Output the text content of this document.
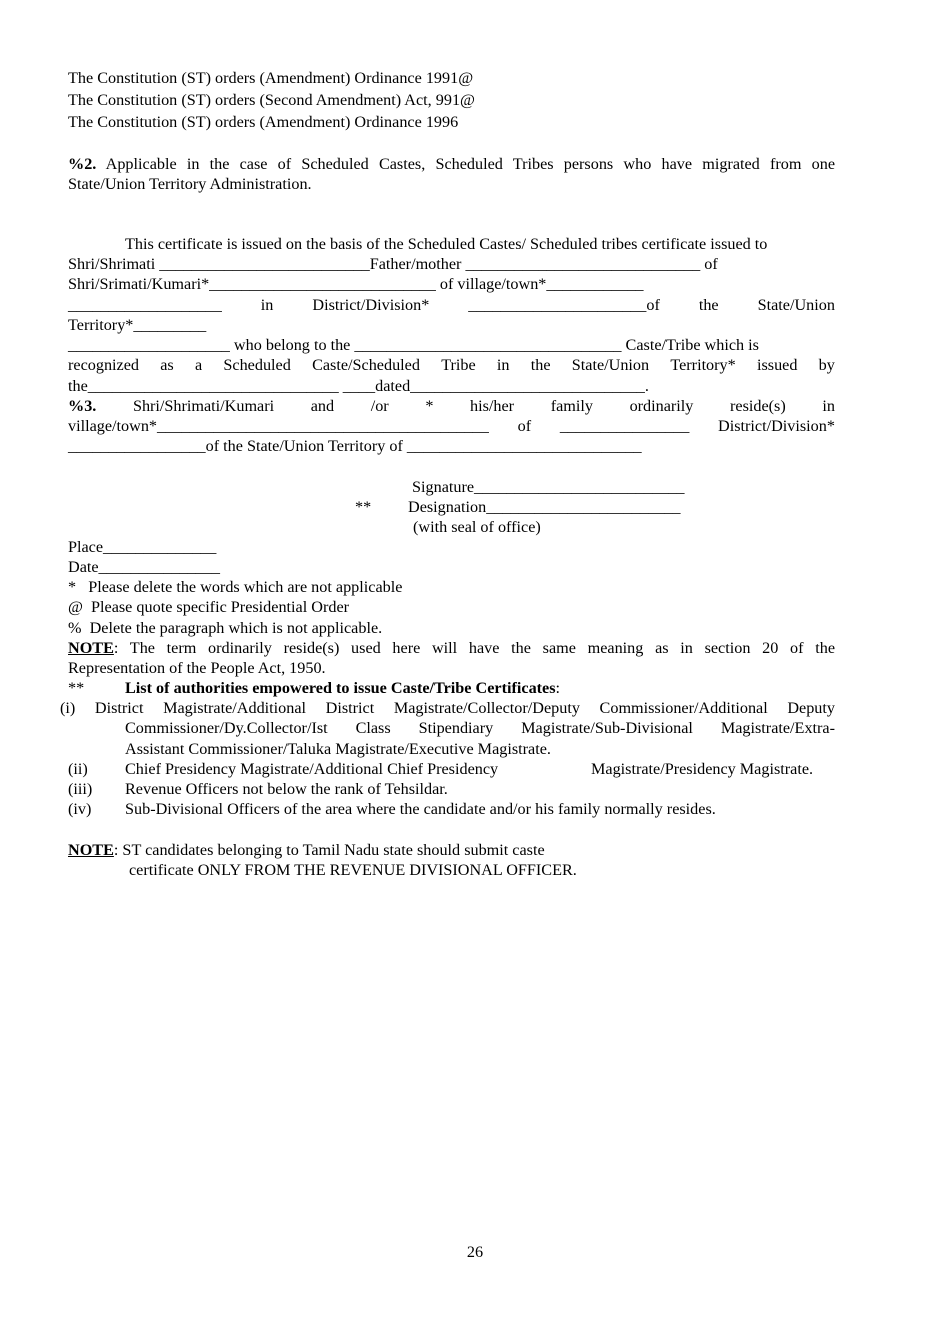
The Constitution (ST) orders (Amendment) Ordinance 1991@
The Constitution (ST) orders (Second Amendment) Act, 991@
The Constitution (ST) orders (Amendment) Ordinance 1996
%2. Applicable in the case of Scheduled Castes, Scheduled Tribes persons who have migrated from one
State/Union Territory Administration.
This certificate is issued on the basis of the Scheduled Castes/ Scheduled tribes certificate issued to
Shri/Shrimati __________________________Father/mother _____________________________ of
Shri/Srimati/Kumari*____________________________ of village/town*____________
___________________ in District/Division* ______________________of the State/Union
Territory*_________
____________________ who belong to the _________________________________ Caste/Tribe which is
recognized as a Scheduled Caste/Scheduled Tribe in the State/Union Territory* issued by
the_______________________________ ____dated_____________________________.
%3. Shri/Shrimati/Kumari and /or * his/her family ordinarily reside(s) in
village/town*_________________________________________ of ________________ District/Division*
_________________of the State/Union Territory of _____________________________
Signature__________________________
** Designation________________________
(with seal of office)
Place______________
Date_______________
* Please delete the words which are not applicable
@ Please quote specific Presidential Order
% Delete the paragraph which is not applicable.
NOTE: The term ordinarily reside(s) used here will have the same meaning as in section 20 of the
Representation of the People Act, 1950.
**	List of authorities empowered to issue Caste/Tribe Certificates:
(i) District Magistrate/Additional District Magistrate/Collector/Deputy Commissioner/Additional Deputy
Commissioner/Dy.Collector/Ist Class Stipendiary Magistrate/Sub-Divisional Magistrate/Extra-
Assistant Commissioner/Taluka Magistrate/Executive Magistrate.
(ii) Chief Presidency Magistrate/Additional Chief Presidency	Magistrate/Presidency Magistrate.
(iii) Revenue Officers not below the rank of Tehsildar.
(iv) Sub-Divisional Officers of the area where the candidate and/or his family normally resides.
NOTE: ST candidates belonging to Tamil Nadu state should submit caste
certificate ONLY FROM THE REVENUE DIVISIONAL OFFICER.
26
